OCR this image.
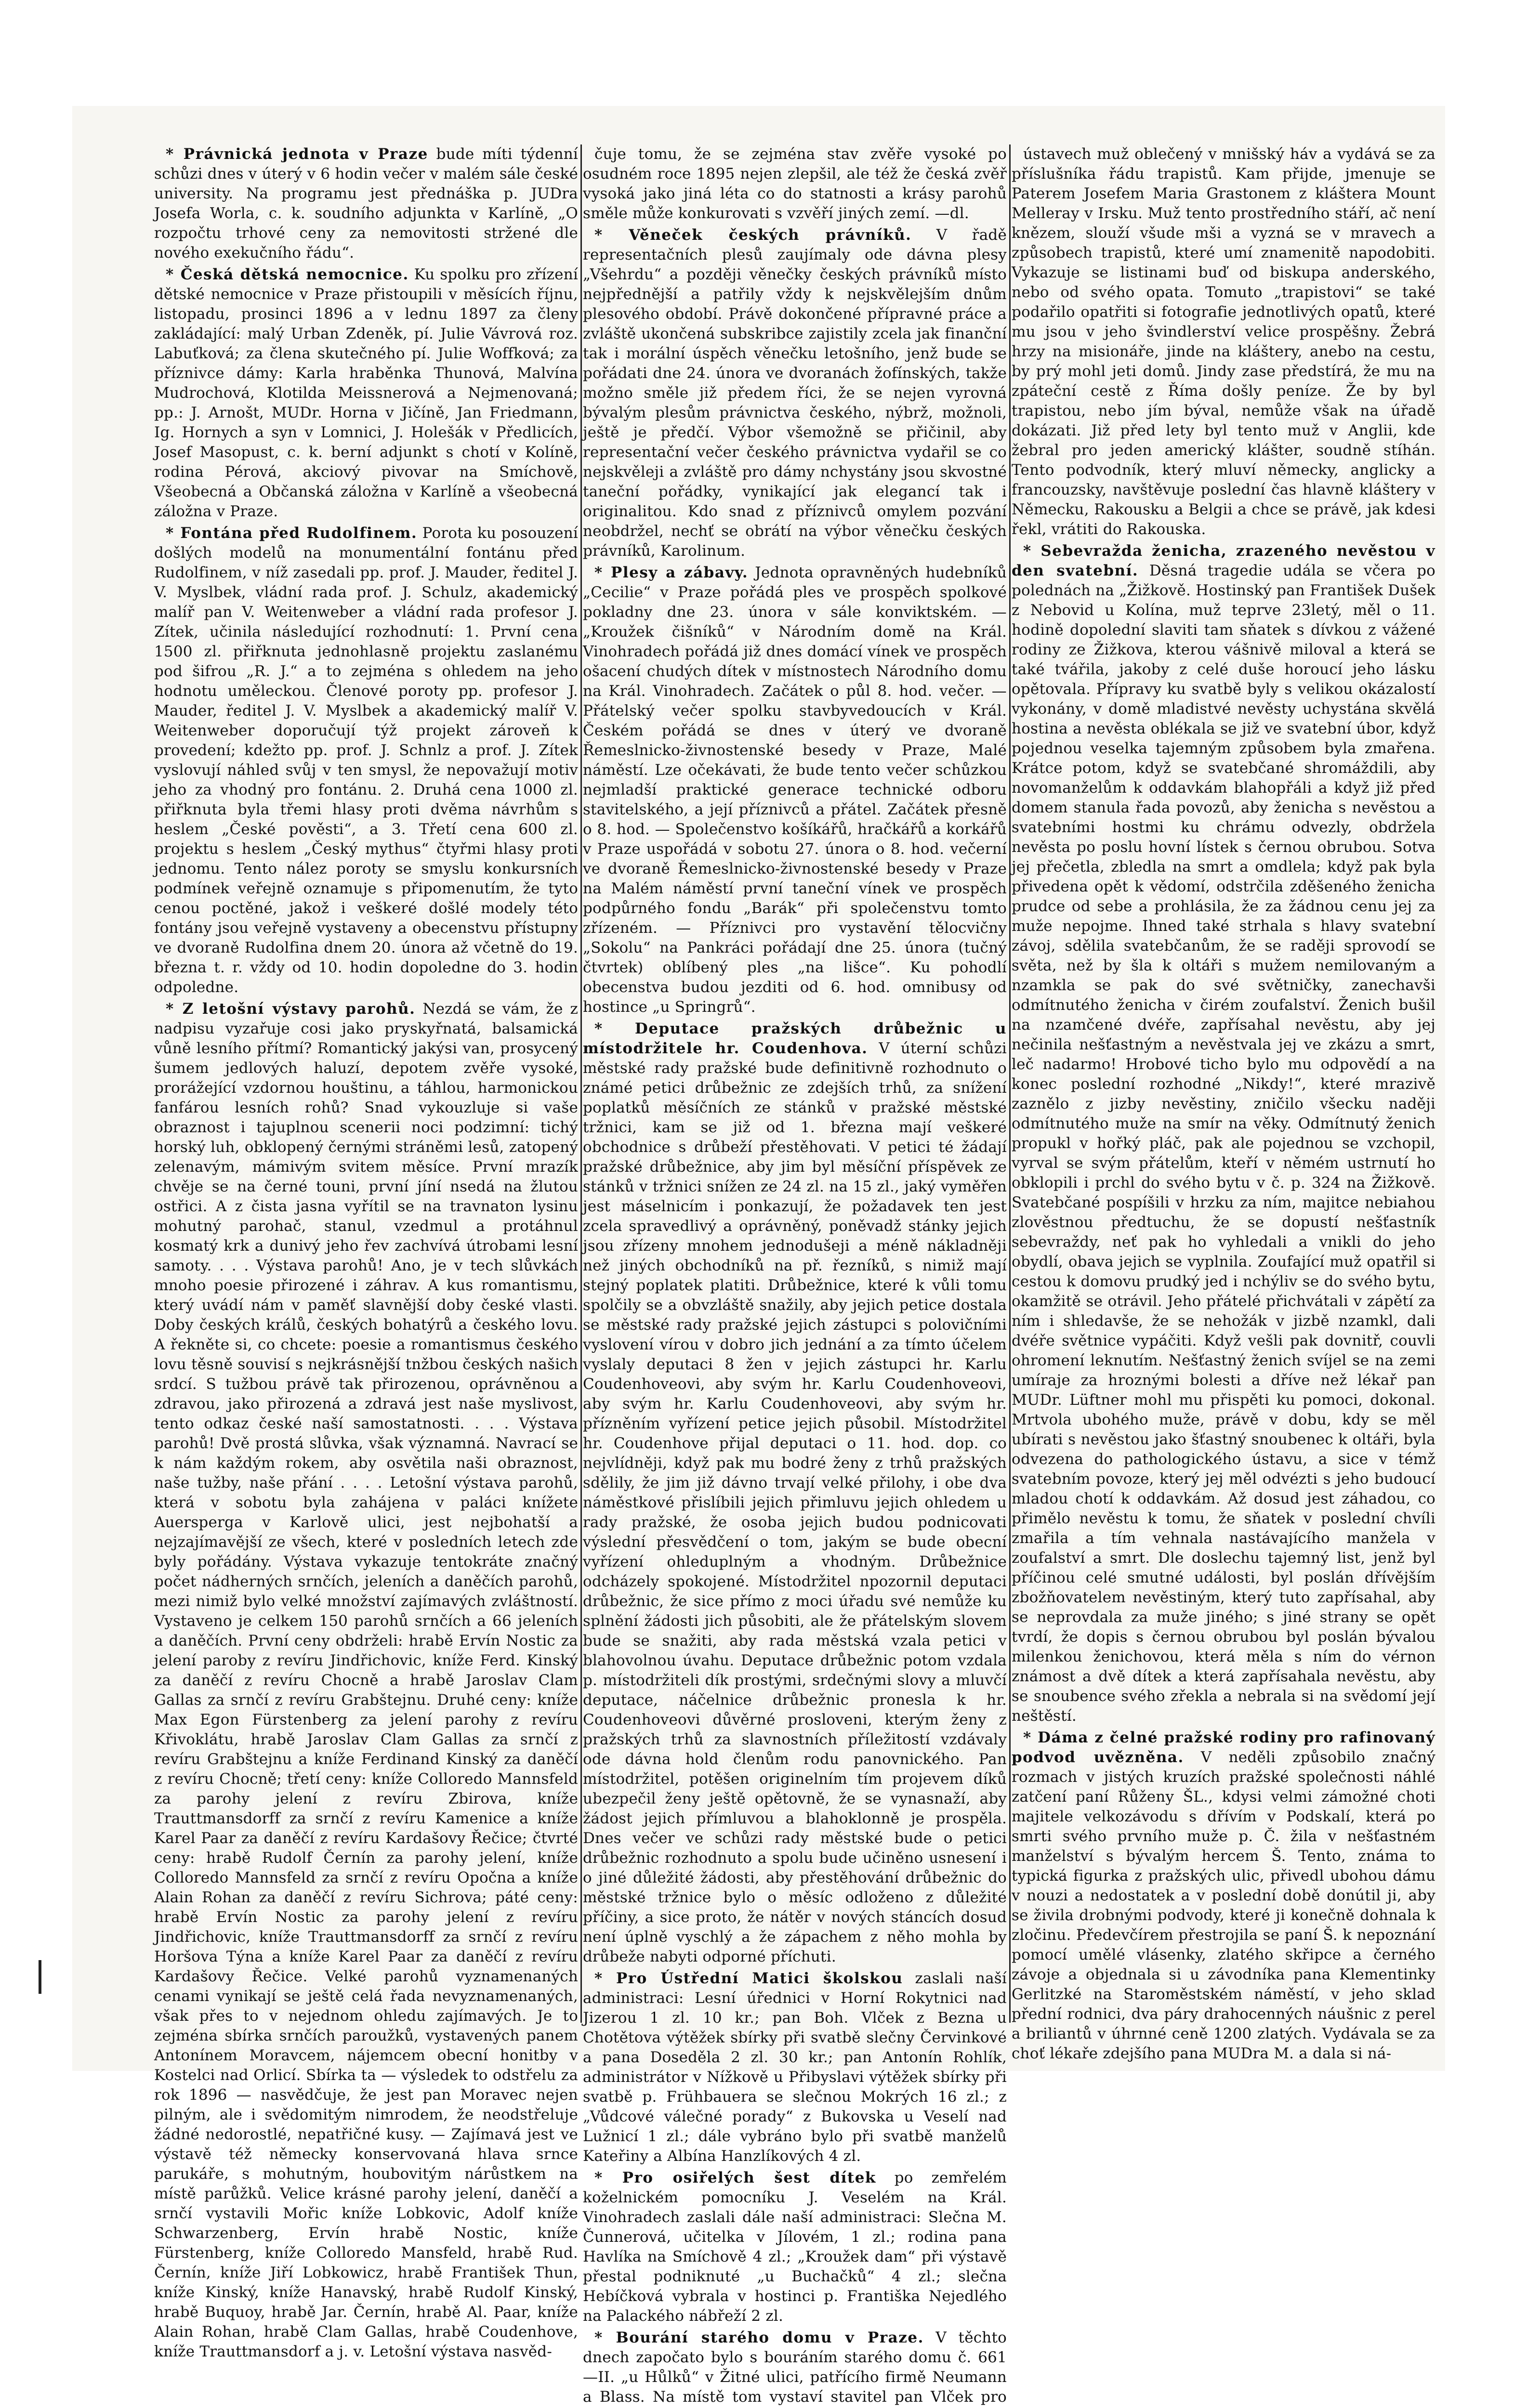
* Právnická jednota v Praze bude míti týdenní schůzi dnes v úterý v 6 hodin večer v malém sále české university. Na programu jest přednáška p. JUDra Josefa Worla, c. k. soudního adjunkta v Karlíně, „O rozpočtu trhové ceny za nemovitosti stržené dle nového exekučního řádu“.

* Česká dětská nemocnice. Ku spolku pro zřízení dětské nemocnice v Praze přistoupili v měsících říjnu, listopadu, prosinci 1896 a v lednu 1897 za členy zakládající: malý Urban Zdeněk, pí. Julie Vávrová roz. Labuťková; za člena skutečného pí. Julie Woffková; za příznivce dámy: Karla hraběnka Thunová, Malvína Mudrochová, Klotilda Meissnerová a Nejmenovaná; pp.: J. Arnošt, MUDr. Horna v Jičíně, Jan Friedmann, Ig. Hornych a syn v Lomnici, J. Holešák v Předlicích, Josef Masopust, c. k. berní adjunkt s chotí v Kolíně, rodina Pérová, akciový pivovar na Smíchově, Všeobecná a Občanská záložna v Karlíně a všeobecná záložna v Praze.

* Fontána před Rudolfinem. Porota ku posouzení došlých modelů na monumentální fontánu před Rudolfinem, v níž zasedali pp. prof. J. Mauder, ředitel J. V. Myslbek, vládní rada prof. J. Schulz, akademický malíř pan V. Weitenweber a vládní rada profesor J. Zítek, učinila následující rozhodnutí: 1. První cena 1500 zl. přiřknuta jednohlasně projektu zaslanému pod šifrou „R. J.“ a to zejména s ohledem na jeho hodnotu uměleckou. Členové poroty pp. profesor J. Mauder, ředitel J. V. Myslbek a akademický malíř V. Weitenweber doporučují týž projekt zároveň k provedení; kdežto pp. prof. J. Schnlz a prof. J. Zítek vyslovují náhled svůj v ten smysl, že nepovažují motiv jeho za vhodný pro fontánu. 2. Druhá cena 1000 zl. přiřknuta byla třemi hlasy proti dvěma návrhům s heslem „České pověsti“, a 3. Třetí cena 600 zl. projektu s heslem „Český mythus“ čtyřmi hlasy proti jednomu. Tento nález poroty se smyslu konkursních podmínek veřejně oznamuje s připomenutím, že tyto cenou poctěné, jakož i veškeré došlé modely této fontány jsou veřejně vystaveny a obecenstvu přístupny ve dvoraně Rudolfina dnem 20. února až včetně do 19. března t. r. vždy od 10. hodin dopoledne do 3. hodin odpoledne.

* Z letošní výstavy parohů. Nezdá se vám, že z nadpisu vyzařuje cosi jako pryskyřnatá, balsamická vůně lesního přítmí? Romantický jakýsi van, prosycený šumem jedlových haluzí, depotem zvěře vysoké, prorážející vzdornou houštinu, a táhlou, harmonickou fanfárou lesních rohů? Snad vykouzluje si vaše obraznost i tajuplnou scenerii noci podzimní: tichý horský luh, obklopený černými stráněmi lesů, zatopený zelenavým, mámivým svitem měsíce. První mrazík chvěje se na černé touni, první jíní nsedá na žlutou ostřici. A z čista jasna vyřítil se na travnaton lysinu mohutný parohač, stanul, vzedmul a protáhnul kosmatý krk a dunivý jeho řev zachvívá útrobami lesní samoty. . . . Výstava parohů! Ano, je v tech slůvkách mnoho poesie přirozené i záhrav. A kus romantismu, který uvádí nám v paměť slavnější doby české vlasti. Doby českých králů, českých bohatýrů a českého lovu. A řekněte si, co chcete: poesie a romantismus českého lovu těsně souvisí s nejkrásnější tnžbou českých našich srdcí. S tužbou právě tak přirozenou, oprávněnou a zdravou, jako přirozená a zdravá jest naše myslivost, tento odkaz české naší samostatnosti. . . . Výstava parohů! Dvě prostá slůvka, však významná. Navrací se k nám každým rokem, aby osvětila naši obraznost, naše tužby, naše přání . . . . Letošní výstava parohů, která v sobotu byla zahájena v paláci knížete Auersperga v Karlově ulici, jest nejbohatší a nejzajímavější ze všech, které v posledních letech zde byly pořádány. Výstava vykazuje tentokráte značný počet nádherných srnčích, jeleních a daněčích parohů, mezi nimiž bylo velké množství zajímavých zvláštností. Vystaveno je celkem 150 parohů srnčích a 66 jeleních a daněčích. První ceny obdrželi: hrabě Ervín Nostic za jelení paroby z revíru Jindřichovic, kníže Ferd. Kinský za daněčí z revíru Chocně a hrabě Jaroslav Clam Gallas za srnčí z revíru Grabštejnu. Druhé ceny: kníže Max Egon Fürstenberg za jelení parohy z revíru Křivoklátu, hrabě Jaroslav Clam Gallas za srnčí z revíru Grabštejnu a kníže Ferdinand Kinský za daněčí z revíru Chocně; třetí ceny: kníže Colloredo Mannsfeld za parohy jelení z revíru Zbirova, kníže Trauttmansdorff za srnčí z revíru Kamenice a kníže Karel Paar za daněčí z revíru Kardašovy Řečice; čtvrté ceny: hrabě Rudolf Černín za parohy jelení, kníže Colloredo Mannsfeld za srnčí z revíru Opočna a kníže Alain Rohan za daněčí z revíru Sichrova; páté ceny: hrabě Ervín Nostic za parohy jelení z revíru Jindřichovic, kníže Trauttmansdorff za srnčí z revíru Horšova Týna a kníže Karel Paar za daněčí z revíru Kardašovy Řečice. Velké parohů vyznamenaných cenami vynikají se ještě celá řada nevyznamenaných, však přes to v nejednom ohledu zajímavých. Je to zejména sbírka srnčích paroužků, vystavených panem Antonínem Moravcem, nájemcem obecní honitby v Kostelci nad Orlicí. Sbírka ta — výsledek to odstřelu za rok 1896 — nasvědčuje, že jest pan Moravec nejen pilným, ale i svědomitým nimrodem, že neodstřeluje žádné nedorostlé, nepatřičné kusy. — Zajímavá jest ve výstavě též německy konservovaná hlava srnce parukáře, s mohutným, houbovitým nárůstkem na místě parůžků. Velice krásné parohy jelení, daněčí a srnčí vystavili Mořic kníže Lobkovic, Adolf kníže Schwarzenberg, Ervín hrabě Nostic, kníže Fürstenberg, kníže Colloredo Mansfeld, hrabě Rud. Černín, kníže Jiří Lobkowicz, hrabě František Thun, kníže Kinský, kníže Hanavský, hrabě Rudolf Kinský, hrabě Buquoy, hrabě Jar. Černín, hrabě Al. Paar, kníže Alain Rohan, hrabě Clam Gallas, hrabě Coudenhove, kníže Trauttmansdorf a j. v. Letošní výstava nasvěd-

čuje tomu, že se zejména stav zvěře vysoké po osudném roce 1895 nejen zlepšil, ale též že česká zvěř vysoká jako jiná léta co do statnosti a krásy parohů směle může konkurovati s vzvěří jiných zemí. —dl.

* Věneček českých právníků. V řadě representačních plesů zaujímaly ode dávna plesy „Všehrdu“ a později věnečky českých právníků místo nejpřednější a patřily vždy k nejskvělejším dnům plesového období. Právě dokončené přípravné práce a zvláště ukončená subskribce zajistily zcela jak finanční tak i morální úspěch věnečku letošního, jenž bude se pořádati dne 24. února ve dvoranách žofínských, takže možno směle již předem říci, že se nejen vyrovná bývalým plesům právnictva českého, nýbrž, možnoli, ještě je předčí. Výbor všemožně se přičinil, aby representační večer českého právnictva vydařil se co nejskvěleji a zvláště pro dámy nchystány jsou skvostné taneční pořádky, vynikající jak elegancí tak i originalitou. Kdo snad z příznivců omylem pozvání neobdržel, nechť se obrátí na výbor věnečku českých právníků, Karolinum.

* Plesy a zábavy. Jednota opravněných hudebníků „Cecilie“ v Praze pořádá ples ve prospěch spolkové pokladny dne 23. února v sále konviktském. — „Kroužek čišníků“ v Národním domě na Král. Vinohradech pořádá již dnes domácí vínek ve prospěch ošacení chudých dítek v místnostech Národního domu na Král. Vinohradech. Začátek o půl 8. hod. večer. — Přátelský večer spolku stavbyvedoucích v Král. Českém pořádá se dnes v úterý ve dvoraně Řemeslnicko-živnostenské besedy v Praze, Malé náměstí. Lze očekávati, že bude tento večer schůzkou nejmladší praktické generace technické odboru stavitelského, a její příznivců a přátel. Začátek přesně o 8. hod. — Společenstvo košíkářů, hračkářů a korkářů v Praze uspořádá v sobotu 27. února o 8. hod. večerní ve dvoraně Řemeslnicko-živnostenské besedy v Praze na Malém náměstí první taneční vínek ve prospěch podpůrného fondu „Barák“ při společenstvu tomto zřízeném. — Příznivci pro vystavění tělocvičny „Sokolu“ na Pankráci pořádají dne 25. února (tučný čtvrtek) oblíbený ples „na lišce“. Ku pohodlí obecenstva budou jezditi od 6. hod. omnibusy od hostince „u Springrů“.

* Deputace pražských drůbežnic u místodržitele hr. Coudenhova. V úterní schůzi městské rady pražské bude definitivně rozhodnuto o známé petici drůbežnic ze zdejších trhů, za snížení poplatků měsíčních ze stánků v pražské městské tržnici, kam se již od 1. března mají veškeré obchodnice s drůbeží přestěhovati. V petici té žádají pražské drůbežnice, aby jim byl měsíční příspěvek ze stánků v tržnici snížen ze 24 zl. na 15 zl., jaký vyměřen jest máselnicím i ponkazují, že požadavek ten jest zcela spravedlivý a oprávněný, poněvadž stánky jejich jsou zřízeny mnohem jednodušeji a méně nákladněji než jiných obchodníků na př. řezníků, s nimiž mají stejný poplatek platiti. Drůbežnice, které k vůli tomu spolčily se a obvzláště snažily, aby jejich petice dostala se městské rady pražské jejich zástupci s polovičními vyslovení vírou v dobro jich jednání a za tímto účelem vyslaly deputaci 8 žen v jejich zástupci hr. Karlu Coudenhoveovi, aby svým hr. Karlu Coudenhoveovi, aby svým hr. Karlu Coudenhoveovi, aby svým hr. přízněním vyřízení petice jejich působil. Místodržitel hr. Coudenhove přijal deputaci o 11. hod. dop. co nejvlídněji, když pak mu bodré ženy z trhů pražských sdělily, že jim již dávno trvají velké přilohy, i obe dva náměstkové přislíbili jejich přimluvu jejich ohledem u rady pražské, že osoba jejich budou podnicovati výslední přesvědčení o tom, jakým se bude obecní vyřízení ohleduplným a vhodným. Drůbežnice odcházely spokojené. Místodržitel npozornil deputaci drůbežnic, že sice přímo z moci úřadu své nemůže ku splnění žádosti jich působiti, ale že přátelským slovem bude se snažiti, aby rada městská vzala petici v blahovolnou úvahu. Deputace drůbežnic potom vzdala p. místodržiteli dík prostými, srdečnými slovy a mluvčí deputace, náčelnice drůbežnic pronesla k hr. Coudenhoveovi důvěrné prosloveni, kterým ženy z pražských trhů za slavnostních příležitostí vzdávaly ode dávna hold členům rodu panovnického. Pan místodržitel, potěšen originelním tím projevem díků ubezpečil ženy ještě opětovně, že se vynasnaží, aby žádost jejich přímluvou a blahoklonně je prospěla. Dnes večer ve schůzi rady městské bude o petici drůbežnic rozhodnuto a spolu bude učiněno usnesení i o jiné důležité žádosti, aby přestěhování drůbežnic do městské tržnice bylo o měsíc odloženo z důležité příčiny, a sice proto, že nátěr v nových stáncích dosud není úplně vyschlý a že zápachem z něho mohla by drůbeže nabyti odporné příchuti.

* Pro Ústřední Matici školskou zaslali naší administraci: Lesní úřednici v Horní Rokytnici nad Jizerou 1 zl. 10 kr.; pan Boh. Vlček z Bezna u Chotětova výtěžek sbírky při svatbě slečny Červinkové a pana Doseděla 2 zl. 30 kr.; pan Antonín Rohlík, administrátor v Nížkově u Přibyslavi výtěžek sbírky při svatbě p. Frühbauera se slečnou Mokrých 16 zl.; z „Vůdcové válečné porady“ z Bukovska u Veselí nad Lužnicí 1 zl.; dále vybráno bylo při svatbě manželů Kateřiny a Albína Hanzlíkových 4 zl.

* Pro osiřelých šest dítek po zemřelém koželnickém pomocníku J. Veselém na Král. Vinohradech zaslali dále naší administraci: Slečna M. Čunnerová, učitelka v Jílovém, 1 zl.; rodina pana Havlíka na Smíchově 4 zl.; „Kroužek dam“ při výstavě přestal podniknuté „u Buchačků“ 4 zl.; slečna Hebíčková vybrala v hostinci p. Františka Nejedlého na Palackého nábřeží 2 zl.

* Bourání starého domu v Praze. V těchto dnech započato bylo s bouráním starého domu č. 661—II. „u Hůlků“ v Žitné ulici, patřícího firmě Neumann a Blass. Na místě tom vystaví stavitel pan Vlček pro

ústavech muž oblečený v mnišský háv a vydává se za příslušníka řádu trapistů. Kam přijde, jmenuje se Paterem Josefem Maria Grastonem z kláštera Mount Melleray v Irsku. Muž tento prostředního stáří, ač není knězem, slouží všude mši a vyzná se v mravech a způsobech trapistů, které umí znamenitě napodobiti. Vykazuje se listinami buď od biskupa anderského, nebo od svého opata. Tomuto „trapistovi“ se také podařilo opatřiti si fotografie jednotlivých opatů, které mu jsou v jeho švindlerství velice prospěšny. Žebrá hrzy na misionáře, jinde na kláštery, anebo na cestu, by prý mohl jeti domů. Jindy zase předstírá, že mu na zpáteční cestě z Říma došly peníze. Že by byl trapistou, nebo jím býval, nemůže však na úřadě dokázati. Již před lety byl tento muž v Anglii, kde žebral pro jeden americký klášter, soudně stíhán. Tento podvodník, který mluví německy, anglicky a francouzsky, navštěvuje poslední čas hlavně kláštery v Německu, Rakousku a Belgii a chce se právě, jak kdesi řekl, vrátiti do Rakouska.

* Sebevražda ženicha, zrazeného nevěstou v den svatební. Děsná tragedie udála se včera po polednách na „Žižkově. Hostinský pan František Dušek z Nebovid u Kolína, muž teprve 23letý, měl o 11. hodině dopolední slaviti tam sňatek s dívkou z vážené rodiny ze Žižkova, kterou vášnivě miloval a která se také tvářila, jakoby z celé duše horoucí jeho lásku opětovala. Přípravy ku svatbě byly s velikou okázalostí vykonány, v domě mladistvé nevěsty uchystána skvělá hostina a nevěsta oblékala se již ve svatební úbor, když pojednou veselka tajemným způsobem byla zmařena. Krátce potom, když se svatebčané shromáždili, aby novomanželům k oddavkám blahopřáli a když již před domem stanula řada povozů, aby ženicha s nevěstou a svatebními hostmi ku chrámu odvezly, obdržela nevěsta po poslu hovní lístek s černou obrubou. Sotva jej přečetla, zbledla na smrt a omdlela; když pak byla přivedena opět k vědomí, odstrčila zděšeného ženicha prudce od sebe a prohlásila, že za žádnou cenu jej za muže nepojme. Ihned také strhala s hlavy svatební závoj, sdělila svatebčanům, že se raději sprovodí se světa, než by šla k oltáři s mužem nemilovaným a nzamkla se pak do své světničky, zanechavši odmítnutého ženicha v čirém zoufalství. Ženich bušil na nzamčené dvéře, zapřísahal nevěstu, aby jej nečinila nešťastným a nevěstvala jej ve zkázu a smrt, leč nadarmo! Hrobové ticho bylo mu odpovědí a na konec poslední rozhodné „Nikdy!“, které mrazivě zaznělo z jizby nevěstiny, zničilo všecku naději odmítnutého muže na smír na věky. Odmítnutý ženich propukl v hořký pláč, pak ale pojednou se vzchopil, vyrval se svým přátelům, kteří v němém ustrnutí ho obklopili i prchl do svého bytu v č. p. 324 na Žižkově. Svatebčané pospíšili v hrzku za ním, majitce nebiahou zlověstnou předtuchu, že se dopustí nešťastník sebevraždy, neť pak ho vyhledali a vnikli do jeho obydlí, obava jejich se vyplnila. Zoufající muž opatřil si cestou k domovu prudký jed i nchýliv se do svého bytu, okamžitě se otrávil. Jeho přátelé přichvátali v zápětí za ním i shledavše, že se nehožák v jizbě nzamkl, dali dvéře světnice vypáčiti. Když vešli pak dovnitř, couvli ohromení leknutím. Nešťastný ženich svíjel se na zemi umíraje za hroznými bolesti a dříve než lékař pan MUDr. Lüftner mohl mu přispěti ku pomoci, dokonal. Mrtvola ubohého muže, právě v dobu, kdy se měl ubírati s nevěstou jako šťastný snoubenec k oltáři, byla odvezena do pathologického ústavu, a sice v témž svatebním povoze, který jej měl odvézti s jeho budoucí mladou chotí k oddavkám. Až dosud jest záhadou, co přimělo nevěstu k tomu, že sňatek v poslední chvíli zmařila a tím vehnala nastávajícího manžela v zoufalství a smrt. Dle doslechu tajemný list, jenž byl příčinou celé smutné události, byl poslán dřívějším zbožňovatelem nevěstiným, který tuto zapřísahal, aby se neprovdala za muže jiného; s jiné strany se opět tvrdí, že dopis s černou obrubou byl poslán bývalou milenkou ženichovou, která měla s ním do vérnon známost a dvě dítek a která zapřísahala nevěstu, aby se snoubence svého zřekla a nebrala si na svědomí její neštěstí.

* Dáma z čelné pražské rodiny pro rafinovaný podvod uvězněna. V neděli způsobilo značný rozmach v jistých kruzích pražské společnosti náhlé zatčení paní Růženy ŠL., kdysi velmi zámožné choti majitele velkozávodu s dřívím v Podskalí, která po smrti svého prvního muže p. Č. žila v nešťastném manželství s bývalým hercem Š. Tento, známa to typická figurka z pražských ulic, přivedl ubohou dámu v nouzi a nedostatek a v poslední době donútil ji, aby se živila drobnými podvody, které ji konečně dohnala k zločinu. Předevčírem přestrojila se paní Š. k nepoznání pomocí umělé vlásenky, zlatého skřipce a černého závoje a objednala si u závodníka pana Klementinky Gerlitzké na Staroměstském náměstí, v jeho sklad přední rodnici, dva páry drahocenných náušnic z perel a briliantů v úhrnné ceně 1200 zlatých. Vydávala se za choť lékaře zdejšího pana MUDra M. a dala si ná-
